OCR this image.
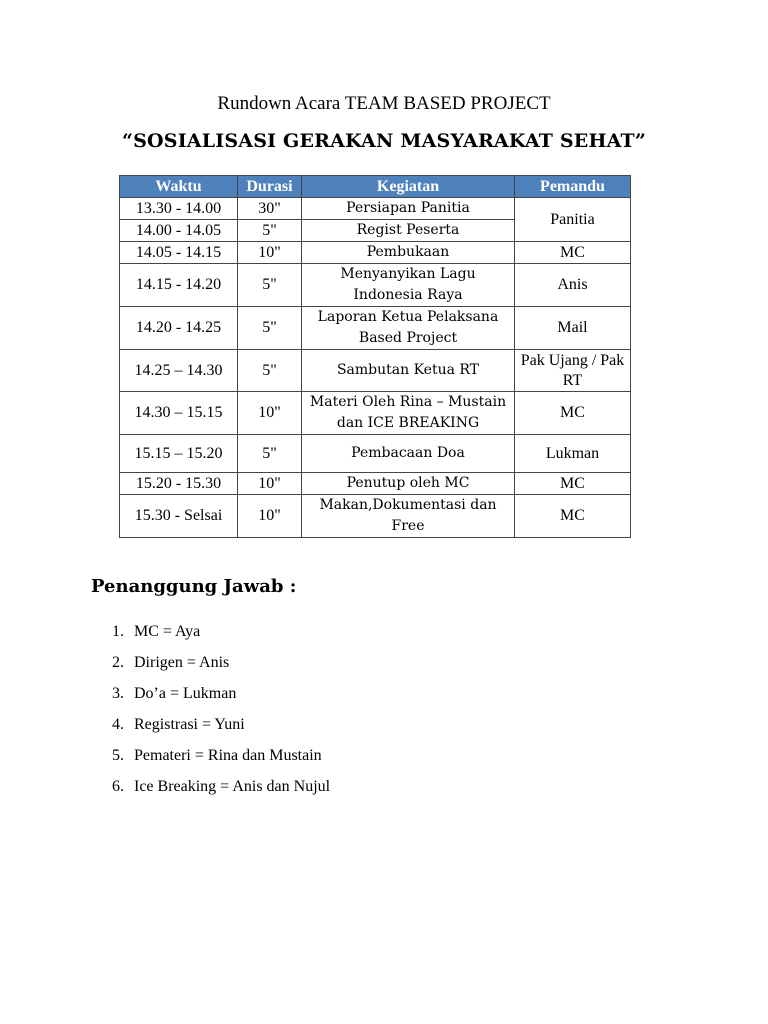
Rundown Acara TEAM BASED PROJECT
“SOSIALISASI GERAKAN MASYARAKAT SEHAT”
Waktu	Durasi	Kegiatan	Pemandu
13.30 - 14.00	30"	Persiapan Panitia	Panitia
14.00 - 14.05	5"	Regist Peserta	
14.05 - 14.15	10"	Pembukaan	MC
14.15 - 14.20	5"	Menyanyikan Lagu Indonesia Raya	Anis
14.20 - 14.25	5"	Laporan Ketua Pelaksana Based Project	Mail
14.25 – 14.30	5"	Sambutan Ketua RT	Pak Ujang / Pak RT
14.30 – 15.15	10"	Materi Oleh Rina – Mustain dan ICE BREAKING	MC
15.15 – 15.20	5"	Pembacaan Doa	Lukman
15.20 - 15.30	10"	Penutup oleh MC	MC
15.30 - Selsai	10"	Makan,Dokumentasi dan Free	MC
Penanggung Jawab :
1. MC = Aya
2. Dirigen = Anis
3. Do’a = Lukman
4. Registrasi = Yuni
5. Pemateri = Rina dan Mustain
6. Ice Breaking = Anis dan Nujul
